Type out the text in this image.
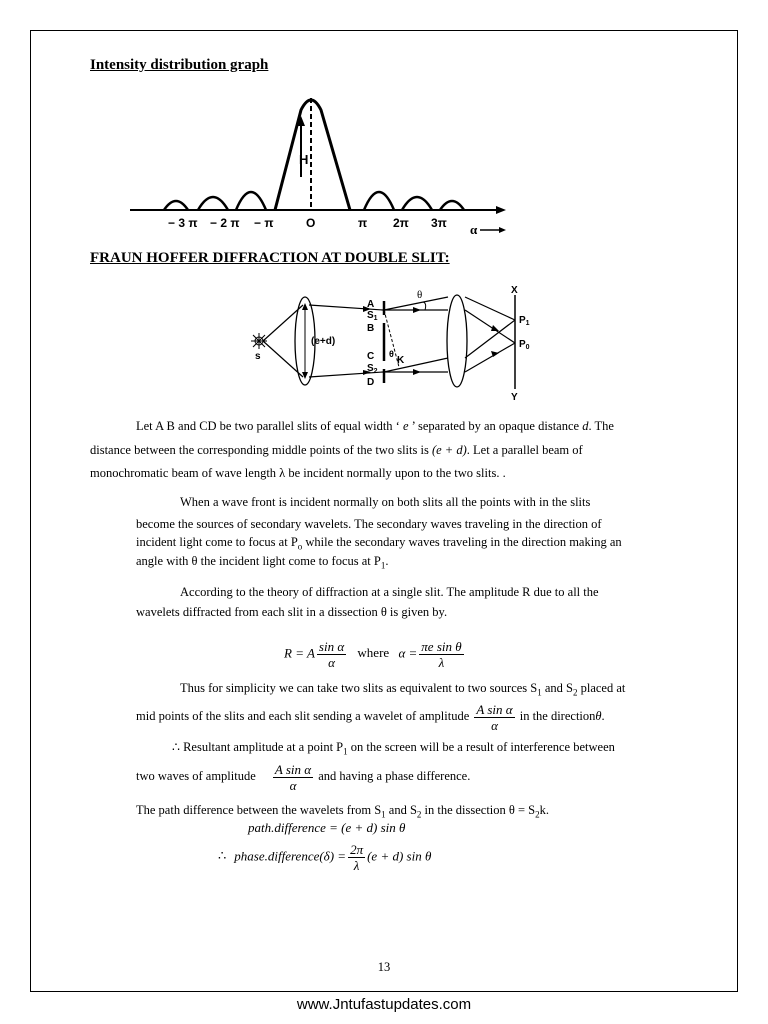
Intensity distribution graph
H
− 3 π − 2 π − π	O	π 2π 3π α
FRAUN HOFFER DIFFRACTION AT DOUBLE SLIT:
s
(e+d)
A
$S_1$
B
C
$S_2$
D
θ
K
θ	X
Y
$P_1$
$P_0$
Let A B and CD be two parallel slits of equal width ‘ e ’ separated by an opaque distance d. The
distance between the corresponding middle points of the two slits is (e + d). Let a parallel beam of
monochromatic beam of wave length λ be incident normally upon to the two slits. .
When a wave front is incident normally on both slits all the points with in the slits
become the sources of secondary wavelets. The secondary waves traveling in the direction of
incident light come to focus at $P_o$ while the secondary waves traveling in the direction making an
angle with θ the incident light come to focus at $P_1$.
According to the theory of diffraction at a single slit. The amplitude R due to all the
wavelets diffracted from each slit in a dissection θ is given by.
R = A $\frac{\text{sin α}}{\alpha}$ where $\alpha = \frac{\text{πe sin θ}}{\lambda}$
Thus for simplicity we can take two slits as equivalent to two sources $S_1$ and $S_2$ placed at
mid points of the slits and each slit sending a wavelet of amplitude $\frac{\text{A sin α}}{\alpha}$ in the directionθ.
∴ Resultant amplitude at a point $P_1$ on the screen will be a result of interference between
two waves of amplitude $\frac{\text{A sin α}}{\alpha}$ and having a phase difference.
The path difference between the wavelets from $S_1$ and $S_2$ in the dissection $\theta = S_2k$.
path.difference = (e + d) sin θ
∴ phase.difference(δ) = $\frac{2\pi}{\lambda} (e + d)$ sin θ
13
www.Jntufastupdates.com
